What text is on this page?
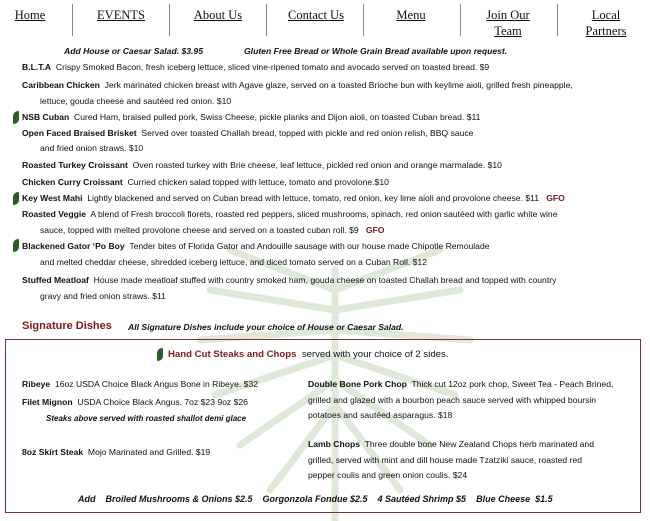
Home	EVENTS	About Us	Contact Us	Menu	Join Our
Team
Local
Partners
Add House or Caesar Salad. $3.95	Gluten Free Bread or Whole Grain Bread available upon request.
B.L.T.A Crispy Smoked Bacon, fresh iceberg lettuce, sliced vine-ripened tomato and avocado served on toasted bread. $9
Caribbean Chicken Jerk marinated chicken breast with Agave glaze, served on a toasted Brioche bun with keylime aioli, grilled fresh pineapple,
lettuce, gouda cheese and sautéed red onion. $10
NSB Cuban Cured Ham, braised pulled pork, Swiss Cheese, pickle planks and Dijon aioli, on toasted Cuban bread. $11
Open Faced Braised Brisket Served over toasted Challah bread, topped with pickle and red onion relish, BBQ sauce
and fried onion straws. $10
Roasted Turkey Croissant Oven roasted turkey with Brie cheese, leaf lettuce, pickled red onion and orange marmalade. $10
Chicken Curry Croissant Curried chicken salad topped with lettuce, tomato and provolone.$10
Key West Mahi Lightly blackened and served on Cuban bread with lettuce, tomato, red onion, key lime aioli and provolone cheese. $11 GFO
Roasted Veggie A blend of Fresh broccoli florets, roasted red peppers, sliced mushrooms, spinach, red onion sautéed with garlic white wine
sauce, topped with melted provolone cheese and served on a toasted cuban roll. $9 GFO
Blackened Gator ‘Po Boy Tender bites of Florida Gator and Andouille sausage with our house made Chipotle Remoulade
and melted cheddar cheese, shredded iceberg lettuce, and diced tomato served on a Cuban Roll. $12
Stuffed Meatloaf House made meatloaf stuffed with country smoked ham, gouda cheese on toasted Challah bread and topped with country
gravy and fried onion straws. $11
Signature Dishes All Signature Dishes include your choice of House or Caesar Salad.
Hand Cut Steaks and Chops served with your choice of 2 sides.
Ribeye 16oz USDA Choice Black Angus Bone in Ribeye. $32
Filet Mignon USDA Choice Black Angus. 7oz $23 9oz $26
Steaks above served with roasted shallot demi glace
8oz Skirt Steak Mojo Marinated and Grilled. $19
Double Bone Pork Chop Thick cut 12oz pork chop, Sweet Tea - Peach Brined,
grilled and glazed with a bourbon peach sauce served with whipped boursin
potatoes and sautéed asparagus. $18
Lamb Chops Three double bone New Zealand Chops herb marinated and
grilled, served with mint and dill house made Tzatziki sauce, roasted red
pepper coulis and green onion coulis. $24
Add    Broiled Mushrooms & Onions $2.5    Gorgonzola Fondue $2.5    4 Sautéed Shrimp $5    Blue Cheese  $1.5
